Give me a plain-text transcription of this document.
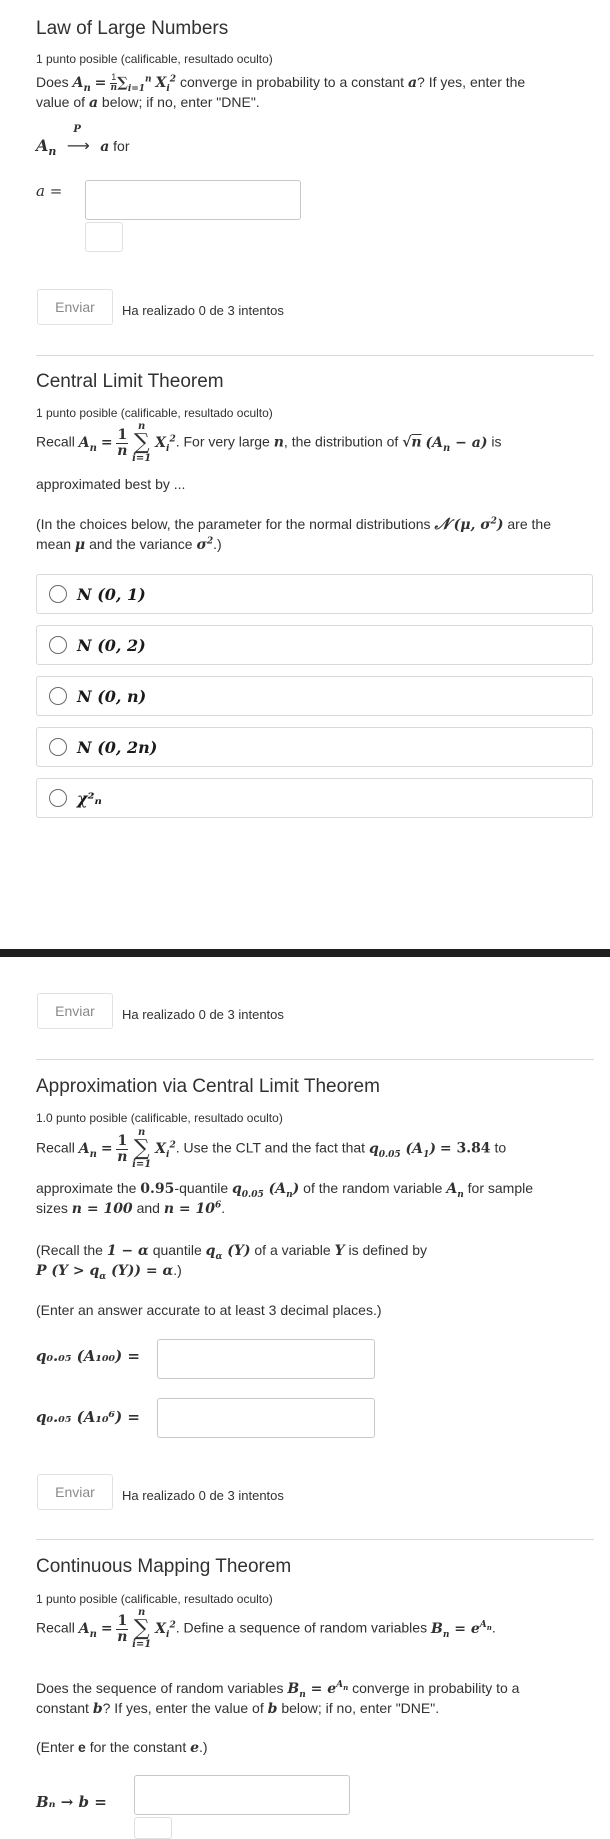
Law of Large Numbers
1 punto posible (calificable, resultado oculto)
Does $A_n = \frac{1}{n} \sum_{i=1}^n$ $X_i^2$ converge in probability to a constant a? If yes, enter the
value of a below; if no, enter "DNE".
$A_n$
P
⟶ a for
a =
Enviar	Ha realizado 0 de 3 intentos
Central Limit Theorem
1 punto posible (calificable, resultado oculto)
Recall $A_n = \frac{1}{n}$

n
∑
i=1
$X_i^2$. For very large n, the distribution of √n $(A_n - a)$ is
approximated best by ...
(In the choices below, the parameter for the normal distributions 𝒩 (μ, $\sigma^2$) are the
mean μ and the variance $\sigma^2$.)
N (0, 1)
N (0, 2)
N (0, n)
N (0, 2n)
χ²ₙ
Enviar	Ha realizado 0 de 3 intentos
Approximation via Central Limit Theorem
1.0 punto posible (calificable, resultado oculto)
Recall $A_n = \frac{1}{n}$

n
∑
i=1
$X_i^2$. Use the CLT and the fact that $q_{0.05}$ $(A_1) = 3.84$ to
approximate the 0.95-quantile $q_{0.05}$ $(A_n)$ of the random variable $A_n$ for sample
sizes n = 100 and $n = 10^6$.
(Recall the 1 − α quantile $q_\alpha$ (Y) of a variable Y is defined by
P ($Y > q_\alpha$ (Y)) = α.)
(Enter an answer accurate to at least 3 decimal places.)
q₀.₀₅ (A₁₀₀) =
q₀.₀₅ (A₁₀⁶) =
Enviar	Ha realizado 0 de 3 intentos
Continuous Mapping Theorem
1 punto posible (calificable, resultado oculto)
Recall $A_n = \frac{1}{n}$

n
∑
i=1
$X_i^2$. Define a sequence of random variables $B_n = e^{A_n}$.
Does the sequence of random variables $B_n = e^{A_n}$ converge in probability to a
constant b? If yes, enter the value of b below; if no, enter "DNE".
(Enter e for the constant e.)
Bₙ → b =
